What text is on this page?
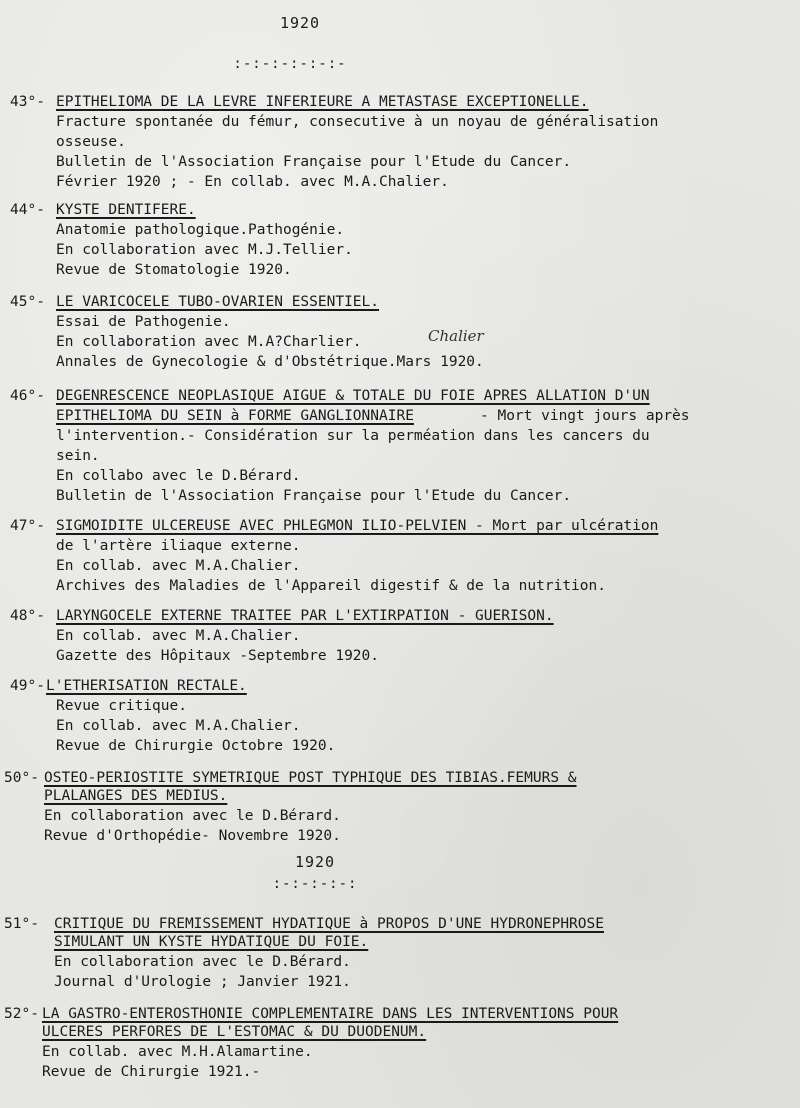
1920
:-:-:-:-:-:-
43°- EPITHELIOMA DE LA LEVRE INFERIEURE A METASTASE EXCEPTIONELLE.
Fracture spontanée du fémur, consecutive à un noyau de généralisation
osseuse.
Bulletin de l'Association Française pour l'Etude du Cancer.
Février 1920 ; - En collab. avec M.A.Chalier.
44°- KYSTE DENTIFERE.
Anatomie pathologique.Pathogénie.
En collaboration avec M.J.Tellier.
Revue de Stomatologie 1920.
45°- LE VARICOCELE TUBO-OVARIEN ESSENTIEL.
Essai de Pathogenie.
En collaboration avec M.A?Charlier.	Chalier
Annales de Gynecologie & d'Obstétrique.Mars 1920.
46°- DEGENRESCENCE NEOPLASIQUE AIGUE & TOTALE DU FOIE APRES ALLATION D'UN
EPITHELIOMA DU SEIN à FORME GANGLIONNAIRE	- Mort vingt jours après
l'intervention.- Considération sur la perméation dans les cancers du
sein.
En collabo avec le D.Bérard.
Bulletin de l'Association Française pour l'Etude du Cancer.
47°- SIGMOIDITE ULCEREUSE AVEC PHLEGMON ILIO-PELVIEN - Mort par ulcération
de l'artère iliaque externe.
En collab. avec M.A.Chalier.
Archives des Maladies de l'Appareil digestif & de la nutrition.
48°- LARYNGOCELE EXTERNE TRAITEE PAR L'EXTIRPATION - GUERISON.
En collab. avec M.A.Chalier.
Gazette des Hôpitaux -Septembre 1920.
49°- L'ETHERISATION RECTALE.
Revue critique.
En collab. avec M.A.Chalier.
Revue de Chirurgie Octobre 1920.
50°- OSTEO-PERIOSTITE SYMETRIQUE POST TYPHIQUE DES TIBIAS.FEMURS &
PLALANGES DES MEDIUS.
En collaboration avec le D.Bérard.
Revue d'Orthopédie- Novembre 1920.
1920
:-:-:-:-:
51°- CRITIQUE DU FREMISSEMENT HYDATIQUE à PROPOS D'UNE HYDRONEPHROSE
SIMULANT UN KYSTE HYDATIQUE DU FOIE.
En collaboration avec le D.Bérard.
Journal d'Urologie ; Janvier 1921.
52°- LA GASTRO-ENTEROSTHONIE COMPLEMENTAIRE DANS LES INTERVENTIONS POUR
ULCERES PERFORES DE L'ESTOMAC & DU DUODENUM.
En collab. avec M.H.Alamartine.
Revue de Chirurgie 1921.-
